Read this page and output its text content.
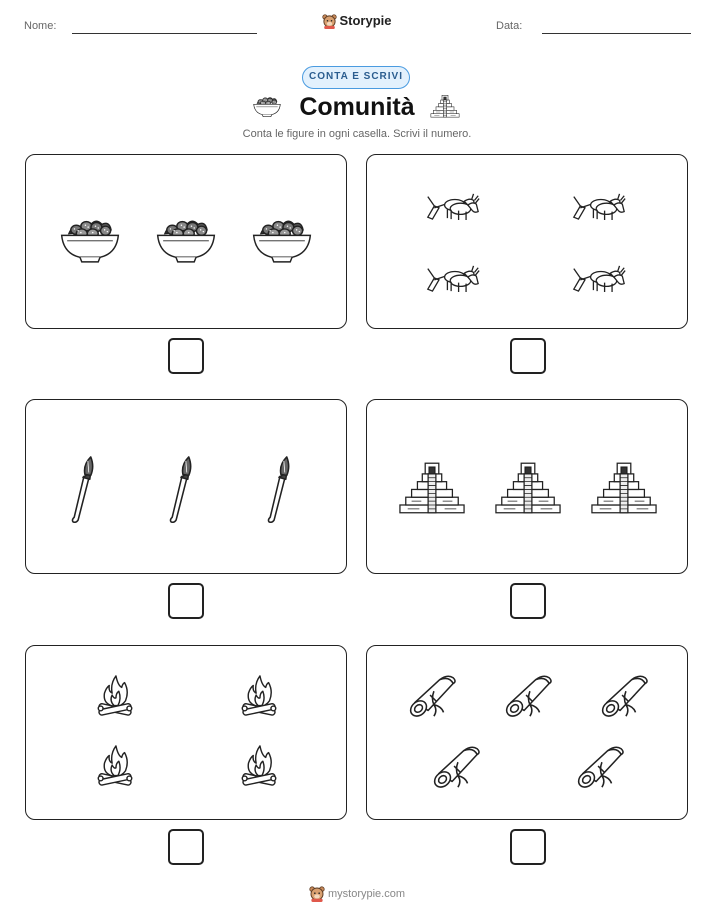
Nome:	Storypie	Data:
CONTA E SCRIVI
Comunità
Conta le figure in ogni casella. Scrivi il numero.
mystorypie.com
